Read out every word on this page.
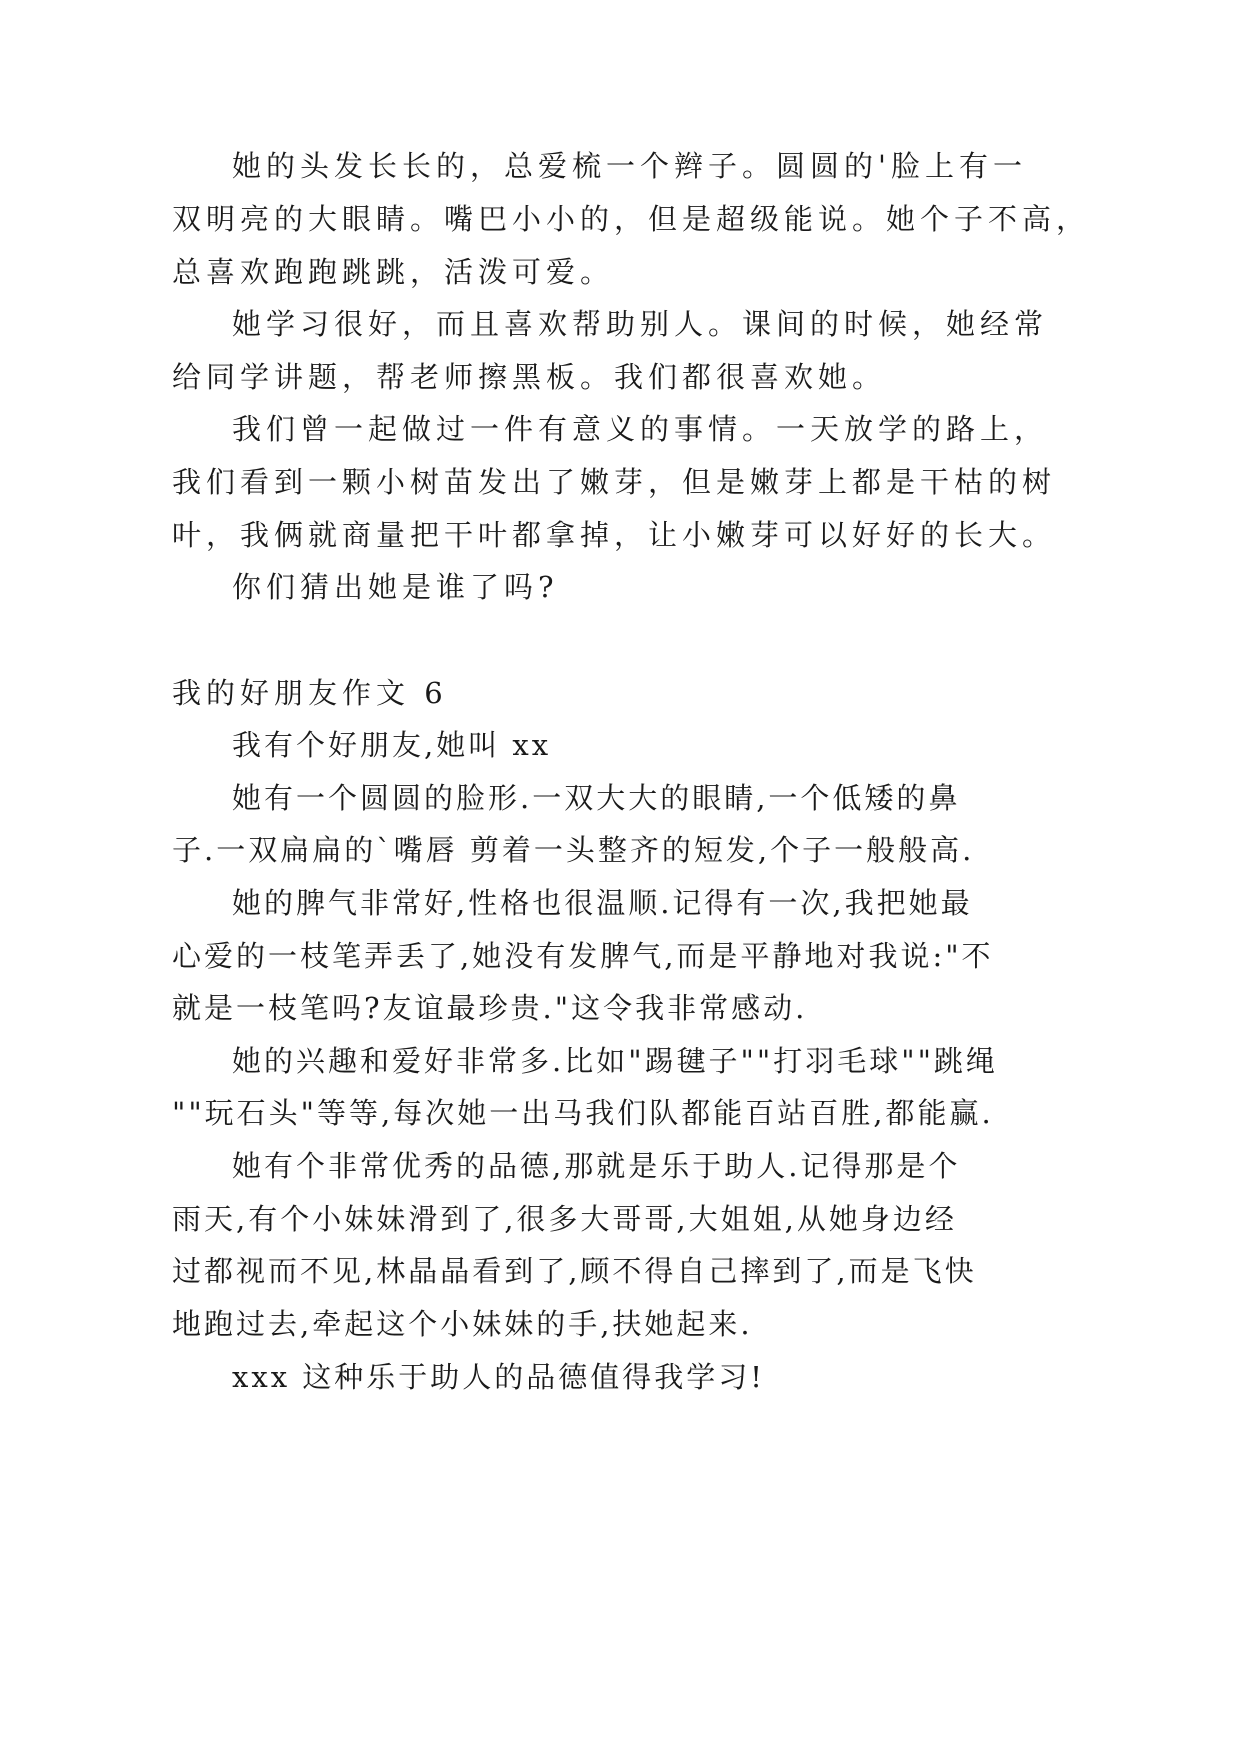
她的头发长长的，总爱梳一个辫子。圆圆的'脸上有一

双明亮的大眼睛。嘴巴小小的，但是超级能说。她个子不高，

总喜欢跑跑跳跳，活泼可爱。

她学习很好，而且喜欢帮助别人。课间的时候，她经常

给同学讲题，帮老师擦黑板。我们都很喜欢她。

我们曾一起做过一件有意义的事情。一天放学的路上，

我们看到一颗小树苗发出了嫩芽，但是嫩芽上都是干枯的树

叶，我俩就商量把干叶都拿掉，让小嫩芽可以好好的长大。

你们猜出她是谁了吗?

我的好朋友作文 6

我有个好朋友,她叫 xx

她有一个圆圆的脸形.一双大大的眼睛,一个低矮的鼻

子.一双扁扁的`嘴唇 剪着一头整齐的短发,个子一般般高.

她的脾气非常好,性格也很温顺.记得有一次,我把她最

心爱的一枝笔弄丢了,她没有发脾气,而是平静地对我说:"不

就是一枝笔吗?友谊最珍贵."这令我非常感动.

她的兴趣和爱好非常多.比如"踢毽子""打羽毛球""跳绳

""玩石头"等等,每次她一出马我们队都能百站百胜,都能赢.

她有个非常优秀的品德,那就是乐于助人.记得那是个

雨天,有个小妹妹滑到了,很多大哥哥,大姐姐,从她身边经

过都视而不见,林晶晶看到了,顾不得自己摔到了,而是飞快

地跑过去,牵起这个小妹妹的手,扶她起来.

xxx 这种乐于助人的品德值得我学习!
